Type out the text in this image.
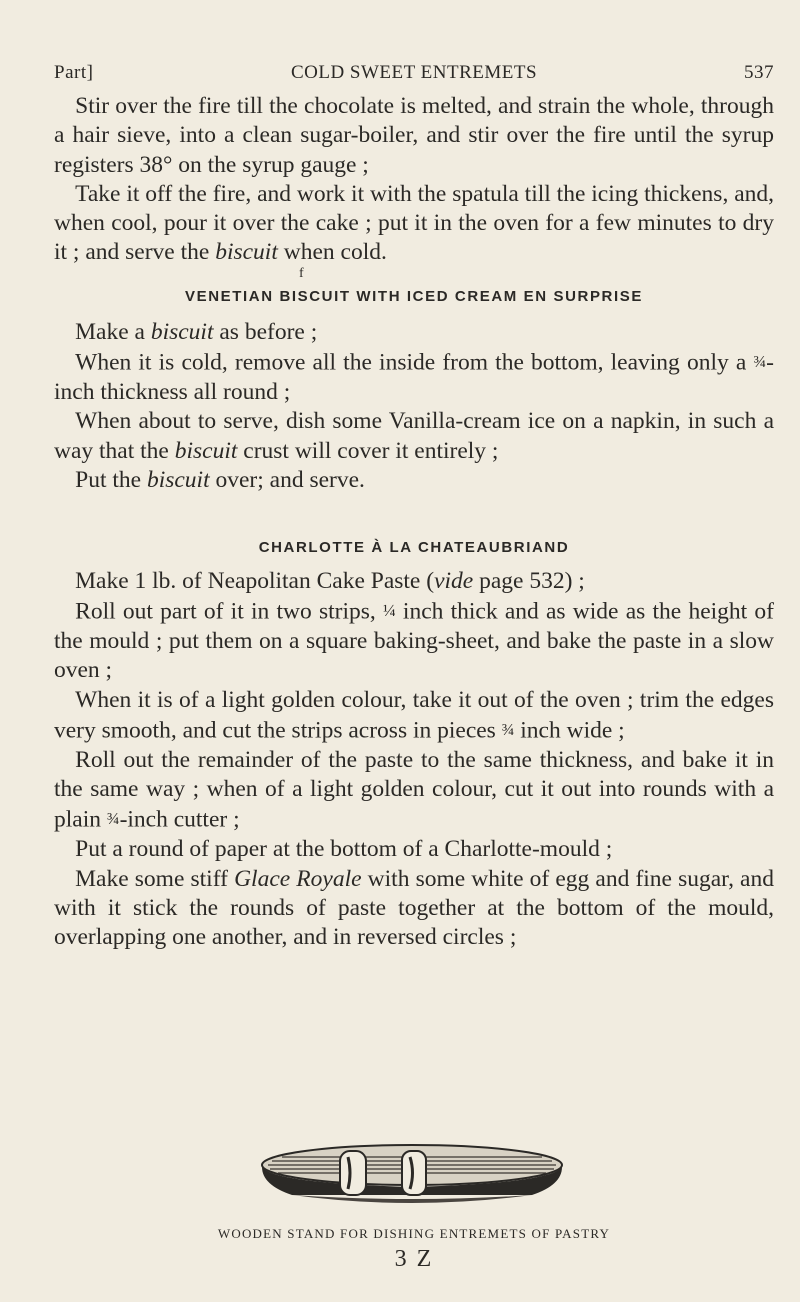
Part]	COLD SWEET ENTREMETS	537

Stir over the fire till the chocolate is melted, and strain the whole, through a hair sieve, into a clean sugar-boiler, and stir over the fire until the syrup registers 38° on the syrup gauge ;

Take it off the fire, and work it with the spatula till the icing thickens, and, when cool, pour it over the cake ; put it in the oven for a few minutes to dry it ; and serve the biscuit when cold.

f
VENETIAN BISCUIT WITH ICED CREAM EN SURPRISE

Make a biscuit as before ;

When it is cold, remove all the inside from the bottom, leaving only a ¾-inch thickness all round ;

When about to serve, dish some Vanilla-cream ice on a napkin, in such a way that the biscuit crust will cover it entirely ;

Put the biscuit over; and serve.

CHARLOTTE À LA CHATEAUBRIAND

Make 1 lb. of Neapolitan Cake Paste (vide page 532) ;

Roll out part of it in two strips, ¼ inch thick and as wide as the height of the mould ; put them on a square baking-sheet, and bake the paste in a slow oven ;

When it is of a light golden colour, take it out of the oven ; trim the edges very smooth, and cut the strips across in pieces ¾ inch wide ;

Roll out the remainder of the paste to the same thickness, and bake it in the same way ; when of a light golden colour, cut it out into rounds with a plain ¾-inch cutter ;

Put a round of paper at the bottom of a Charlotte-mould ;

Make some stiff Glace Royale with some white of egg and fine sugar, and with it stick the rounds of paste together at the bottom of the mould, overlapping one another, and in reversed circles ;

WOODEN STAND FOR DISHING ENTREMETS OF PASTRY
3 Z
